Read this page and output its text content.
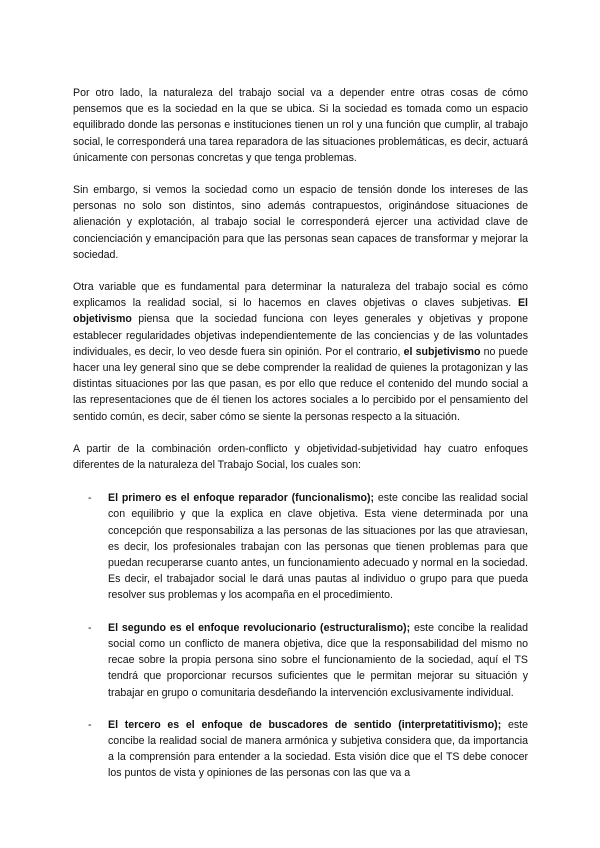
Por otro lado, la naturaleza del trabajo social va a depender entre otras cosas de cómo pensemos que es la sociedad en la que se ubica. Si la sociedad es tomada como un espacio equilibrado donde las personas e instituciones tienen un rol y una función que cumplir, al trabajo social, le corresponderá una tarea reparadora de las situaciones problemáticas, es decir, actuará únicamente con personas concretas y que tenga problemas.

Sin embargo, si vemos la sociedad como un espacio de tensión donde los intereses de las personas no solo son distintos, sino además contrapuestos, originándose situaciones de alienación y explotación, al trabajo social le corresponderá ejercer una actividad clave de concienciación y emancipación para que las personas sean capaces de transformar y mejorar la sociedad.

Otra variable que es fundamental para determinar la naturaleza del trabajo social es cómo explicamos la realidad social, si lo hacemos en claves objetivas o claves subjetivas. El objetivismo piensa que la sociedad funciona con leyes generales y objetivas y propone establecer regularidades objetivas independientemente de las conciencias y de las voluntades individuales, es decir, lo veo desde fuera sin opinión. Por el contrario, el subjetivismo no puede hacer una ley general sino que se debe comprender la realidad de quienes la protagonizan y las distintas situaciones por las que pasan, es por ello que reduce el contenido del mundo social a las representaciones que de él tienen los actores sociales a lo percibido por el pensamiento del sentido común, es decir, saber cómo se siente la personas respecto a la situación.

A partir de la combinación orden-conflicto y objetividad-subjetividad hay cuatro enfoques diferentes de la naturaleza del Trabajo Social, los cuales son:

- El primero es el enfoque reparador (funcionalismo); este concibe las realidad social con equilibrio y que la explica en clave objetiva. Esta viene determinada por una concepción que responsabiliza a las personas de las situaciones por las que atraviesan, es decir, los profesionales trabajan con las personas que tienen problemas para que puedan recuperarse cuanto antes, un funcionamiento adecuado y normal en la sociedad. Es decir, el trabajador social le dará unas pautas al individuo o grupo para que pueda resolver sus problemas y los acompaña en el procedimiento.
- El segundo es el enfoque revolucionario (estructuralismo); este concibe la realidad social como un conflicto de manera objetiva, dice que la responsabilidad del mismo no recae sobre la propia persona sino sobre el funcionamiento de la sociedad, aquí el TS tendrá que proporcionar recursos suficientes que le permitan mejorar su situación y trabajar en grupo o comunitaria desdeñando la intervención exclusivamente individual.
- El tercero es el enfoque de buscadores de sentido (interpretatitivismo); este concibe la realidad social de manera armónica y subjetiva considera que, da importancia a la comprensión para entender a la sociedad. Esta visión dice que el TS debe conocer los puntos de vista y opiniones de las personas con las que va a
